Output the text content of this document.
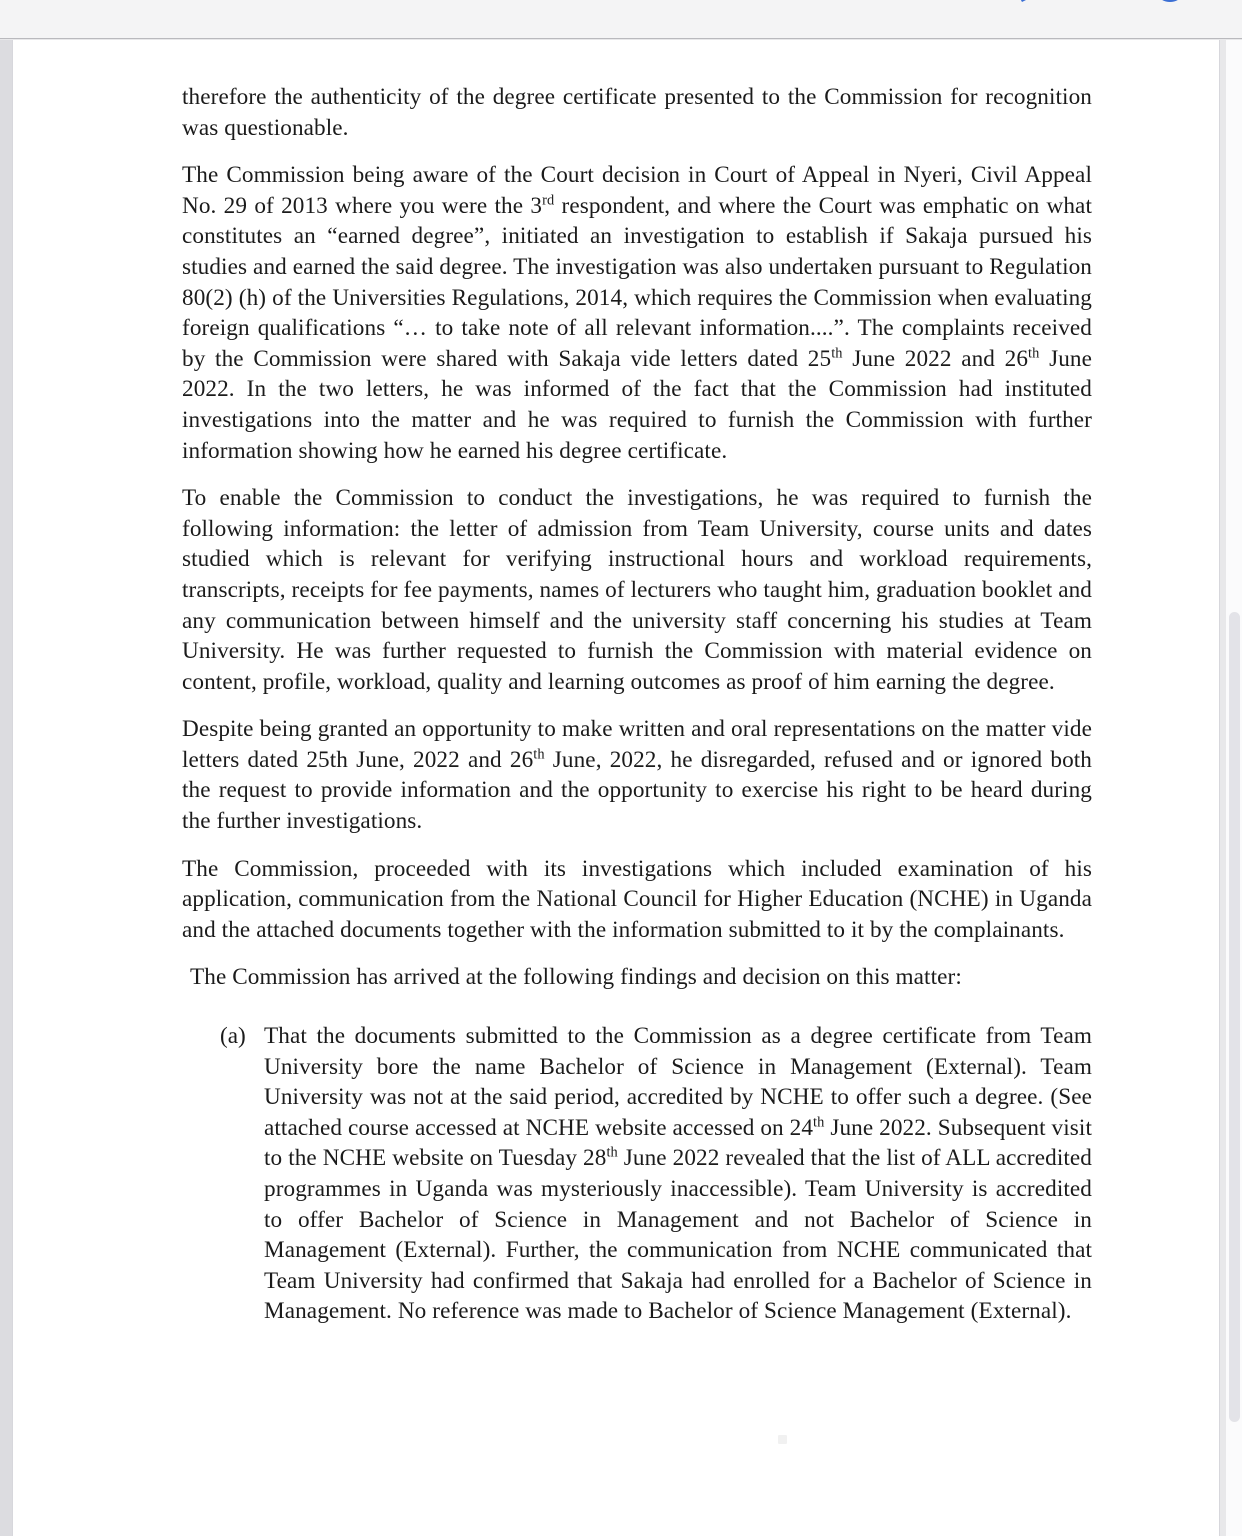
therefore the authenticity of the degree certificate presented to the Commission for recognition was questionable.

The Commission being aware of the Court decision in Court of Appeal in Nyeri, Civil Appeal No. 29 of 2013 where you were the 3rd respondent, and where the Court was emphatic on what constitutes an “earned degree”, initiated an investigation to establish if Sakaja pursued his studies and earned the said degree. The investigation was also undertaken pursuant to Regulation 80(2) (h) of the Universities Regulations, 2014, which requires the Commission when evaluating foreign qualifications “… to take note of all relevant information....”. The complaints received by the Commission were shared with Sakaja vide letters dated 25th June 2022 and 26th June 2022. In the two letters, he was informed of the fact that the Commission had instituted investigations into the matter and he was required to furnish the Commission with further information showing how he earned his degree certificate.

To enable the Commission to conduct the investigations, he was required to furnish the following information: the letter of admission from Team University, course units and dates studied which is relevant for verifying instructional hours and workload requirements, transcripts, receipts for fee payments, names of lecturers who taught him, graduation booklet and any communication between himself and the university staff concerning his studies at Team University. He was further requested to furnish the Commission with material evidence on content, profile, workload, quality and learning outcomes as proof of him earning the degree.

Despite being granted an opportunity to make written and oral representations on the matter vide letters dated 25th June, 2022 and 26th June, 2022, he disregarded, refused and or ignored both the request to provide information and the opportunity to exercise his right to be heard during the further investigations.

The Commission, proceeded with its investigations which included examination of his application, communication from the National Council for Higher Education (NCHE) in Uganda and the attached documents together with the information submitted to it by the complainants.

The Commission has arrived at the following findings and decision on this matter:

(a) That the documents submitted to the Commission as a degree certificate from Team University bore the name Bachelor of Science in Management (External). Team University was not at the said period, accredited by NCHE to offer such a degree. (See attached course accessed at NCHE website accessed on 24th June 2022. Subsequent visit to the NCHE website on Tuesday 28th June 2022 revealed that the list of ALL accredited programmes in Uganda was mysteriously inaccessible). Team University is accredited to offer Bachelor of Science in Management and not Bachelor of Science in Management (External). Further, the communication from NCHE communicated that Team University had confirmed that Sakaja had enrolled for a Bachelor of Science in Management. No reference was made to Bachelor of Science Management (External).
